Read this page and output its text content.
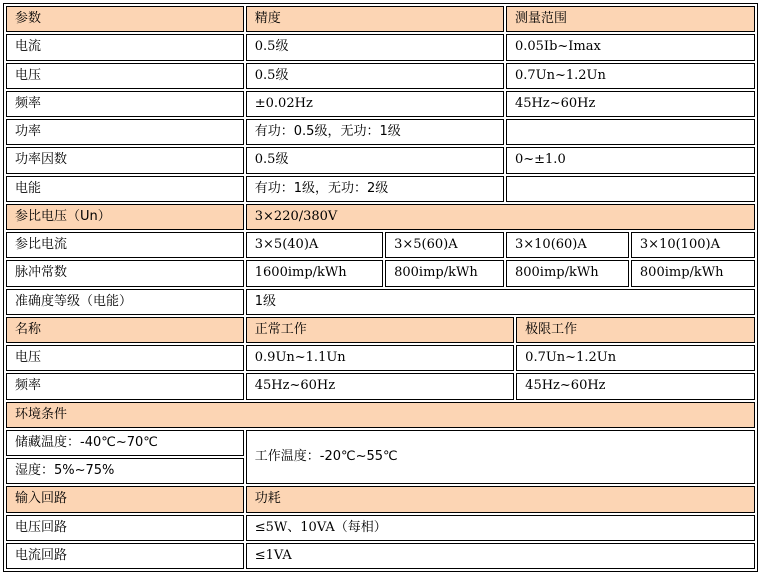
参数	精度		测量范围		
电流	0.5级		0.05Ib~Imax		
电压	0.5级		0.7Un~1.2Un		
频率	±0.02Hz		45Hz~60Hz		
功率	有功：0.5级，无功：1级				
功率因数	0.5级		0~±1.0		
电能	有功：1级，无功：2级				
参比电压（Un）	3×220/380V				
参比电流	3×5(40)A	3×5(60)A	3×10(60)A		3×10(100)A
脉冲常数	1600imp/kWh	800imp/kWh	800imp/kWh		800imp/kWh
准确度等级（电能）	1级				
名称	正常工作			极限工作	
电压	0.9Un~1.1Un			0.7Un~1.2Un	
频率	45Hz~60Hz			45Hz~60Hz	
环境条件					
储藏温度：-40℃~70℃	工作温度：-20℃~55℃				
湿度：5%~75%					
输入回路	功耗				
电压回路	≤5W、10VA（每相）				
电流回路	≤1VA				
